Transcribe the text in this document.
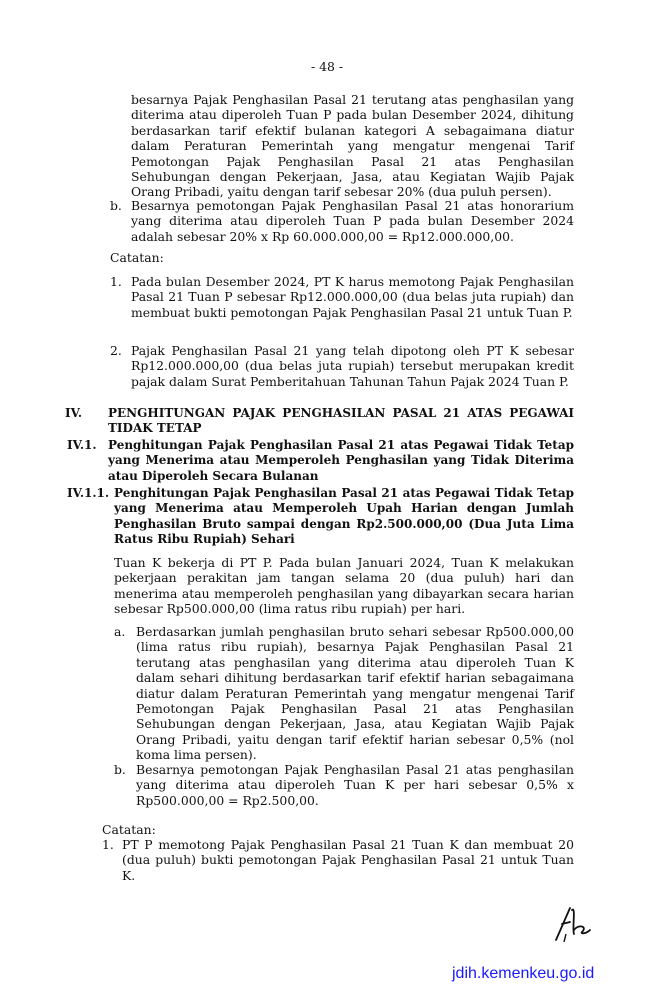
- 48 -
besarnya Pajak Penghasilan Pasal 21 terutang atas penghasilan yang diterima atau diperoleh Tuan P pada bulan Desember 2024, dihitung berdasarkan tarif efektif bulanan kategori A sebagaimana diatur dalam Peraturan Pemerintah yang mengatur mengenai Tarif Pemotongan Pajak Penghasilan Pasal 21 atas Penghasilan Sehubungan dengan Pekerjaan, Jasa, atau Kegiatan Wajib Pajak Orang Pribadi, yaitu dengan tarif sebesar 20% (dua puluh persen).
b. Besarnya pemotongan Pajak Penghasilan Pasal 21 atas honorarium yang diterima atau diperoleh Tuan P pada bulan Desember 2024 adalah sebesar 20% x Rp 60.000.000,00 = Rp12.000.000,00.
Catatan:
1. Pada bulan Desember 2024, PT K harus memotong Pajak Penghasilan Pasal 21 Tuan P sebesar Rp12.000.000,00 (dua belas juta rupiah) dan membuat bukti pemotongan Pajak Penghasilan Pasal 21 untuk Tuan P.
2. Pajak Penghasilan Pasal 21 yang telah dipotong oleh PT K sebesar Rp12.000.000,00 (dua belas juta rupiah) tersebut merupakan kredit pajak dalam Surat Pemberitahuan Tahunan Tahun Pajak 2024 Tuan P.
IV. PENGHITUNGAN PAJAK PENGHASILAN PASAL 21 ATAS PEGAWAI TIDAK TETAP
IV.1. Penghitungan Pajak Penghasilan Pasal 21 atas Pegawai Tidak Tetap yang Menerima atau Memperoleh Penghasilan yang Tidak Diterima atau Diperoleh Secara Bulanan
IV.1.1. Penghitungan Pajak Penghasilan Pasal 21 atas Pegawai Tidak Tetap yang Menerima atau Memperoleh Upah Harian dengan Jumlah Penghasilan Bruto sampai dengan Rp2.500.000,00 (Dua Juta Lima Ratus Ribu Rupiah) Sehari
Tuan K bekerja di PT P. Pada bulan Januari 2024, Tuan K melakukan pekerjaan perakitan jam tangan selama 20 (dua puluh) hari dan menerima atau memperoleh penghasilan yang dibayarkan secara harian sebesar Rp500.000,00 (lima ratus ribu rupiah) per hari.
a. Berdasarkan jumlah penghasilan bruto sehari sebesar Rp500.000,00 (lima ratus ribu rupiah), besarnya Pajak Penghasilan Pasal 21 terutang atas penghasilan yang diterima atau diperoleh Tuan K dalam sehari dihitung berdasarkan tarif efektif harian sebagaimana diatur dalam Peraturan Pemerintah yang mengatur mengenai Tarif Pemotongan Pajak Penghasilan Pasal 21 atas Penghasilan Sehubungan dengan Pekerjaan, Jasa, atau Kegiatan Wajib Pajak Orang Pribadi, yaitu dengan tarif efektif harian sebesar 0,5% (nol koma lima persen).
b. Besarnya pemotongan Pajak Penghasilan Pasal 21 atas penghasilan yang diterima atau diperoleh Tuan K per hari sebesar 0,5% x Rp500.000,00 = Rp2.500,00.
Catatan:
1. PT P memotong Pajak Penghasilan Pasal 21 Tuan K dan membuat 20 (dua puluh) bukti pemotongan Pajak Penghasilan Pasal 21 untuk Tuan K.
jdih.kemenkeu.go.id
